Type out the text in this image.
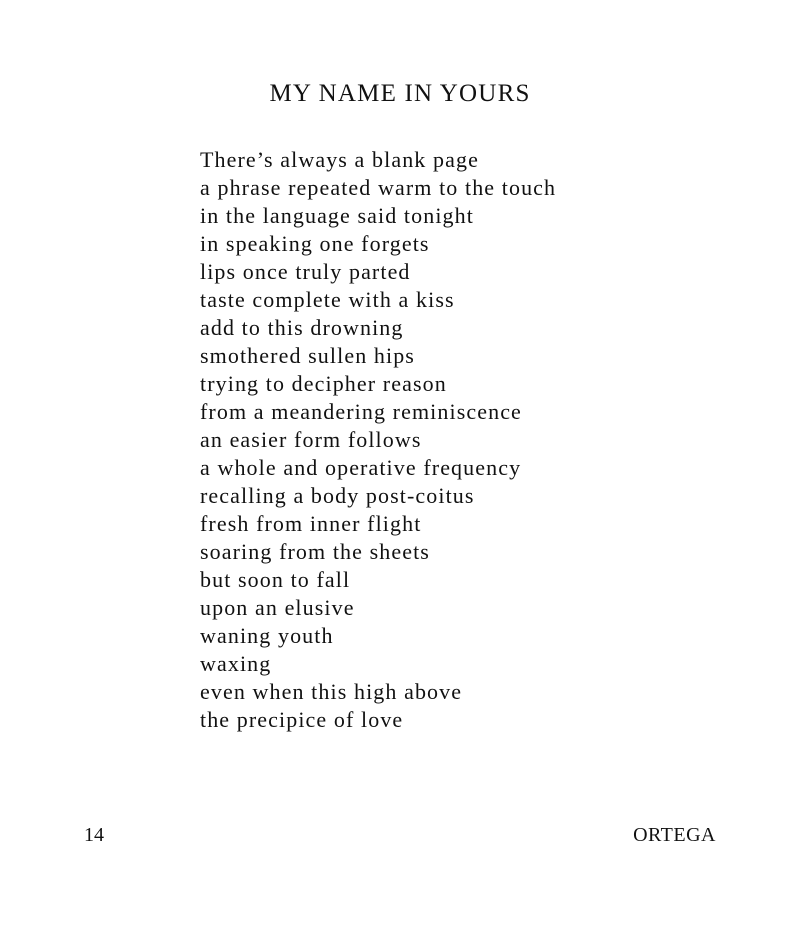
MY NAME IN YOURS
There’s always a blank page
a phrase repeated warm to the touch
in the language said tonight
in speaking one forgets
lips once truly parted
taste complete with a kiss
add to this drowning
smothered sullen hips
trying to decipher reason
from a meandering reminiscence
an easier form follows
a whole and operative frequency
recalling a body post-coitus
fresh from inner flight
soaring from the sheets
but soon to fall
upon an elusive
waning youth
waxing
even when this high above
the precipice of love
14	ORTEGA
